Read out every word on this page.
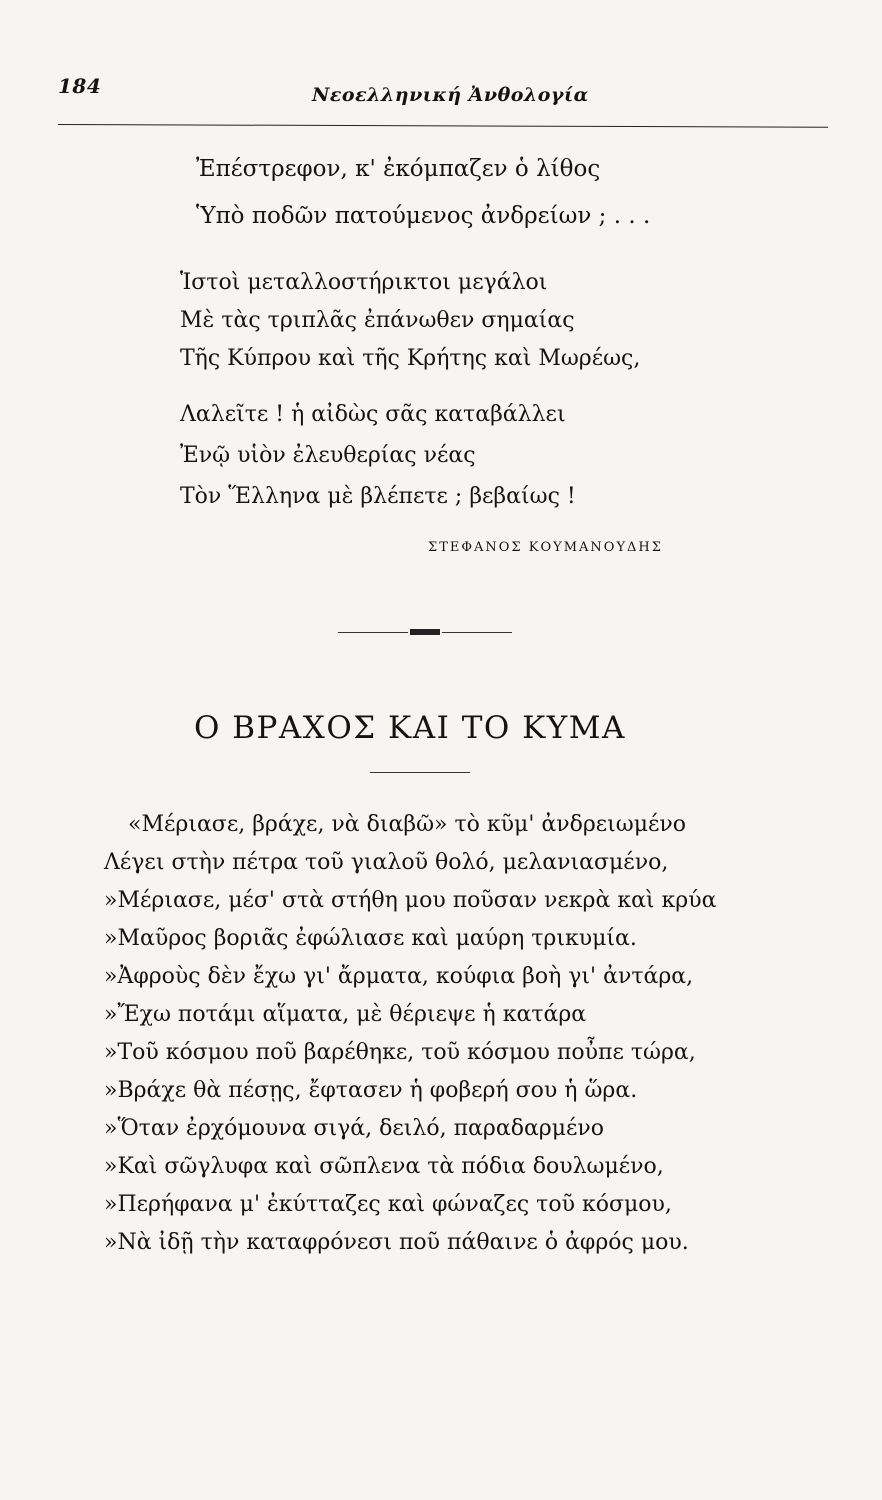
184	Νεοελληνική Ἀνθολογία
Ἐπέστρεφον, κ' ἐκόμπαζεν ὁ λίθος
Ὑπὸ ποδῶν πατούμενος ἀνδρείων ; . . .
Ἱστοὶ μεταλλοστήρικτοι μεγάλοι
Μὲ τὰς τριπλᾶς ἐπάνωθεν σημαίας
Τῆς Κύπρου καὶ τῆς Κρήτης καὶ Μωρέως,
Λαλεῖτε ! ἡ αἰδὼς σᾶς καταβάλλει
Ἐνῷ υἱὸν ἐλευθερίας νέας
Τὸν Ἕλληνα μὲ βλέπετε ; βεβαίως !
ΣΤΕΦΑΝΟΣ ΚΟΥΜΑΝΟΥΔΗΣ
Ο ΒΡΑΧΟΣ ΚΑΙ ΤΟ ΚΥΜΑ
«Μέριασε, βράχε, νὰ διαβῶ» τὸ κῦμ' ἀνδρειωμένο
Λέγει στὴν πέτρα τοῦ γιαλοῦ θολό, μελανιασμένο,
»Μέριασε, μέσ' στὰ στήθη μου ποῦσαν νεκρὰ καὶ κρύα
»Μαῦρος βοριᾶς ἐφώλιασε καὶ μαύρη τρικυμία.
»Ἀφροὺς δὲν ἔχω γι' ἄρματα, κούφια βοὴ γι' ἀντάρα,
»Ἔχω ποτάμι αἵματα, μὲ θέριεψε ἡ κατάρα
»Τοῦ κόσμου ποῦ βαρέθηκε, τοῦ κόσμου ποὖπε τώρα,
»Βράχε θὰ πέσῃς, ἔφτασεν ἡ φοβερή σου ἡ ὥρα.
»Ὅταν ἐρχόμουνα σιγά, δειλό, παραδαρμένο
»Καὶ σῶγλυφα καὶ σῶπλενα τὰ πόδια δουλωμένο,
»Περήφανα μ' ἐκύτταζες καὶ φώναζες τοῦ κόσμου,
»Νὰ ἰδῇ τὴν καταφρόνεσι ποῦ πάθαινε ὁ ἀφρός μου.
